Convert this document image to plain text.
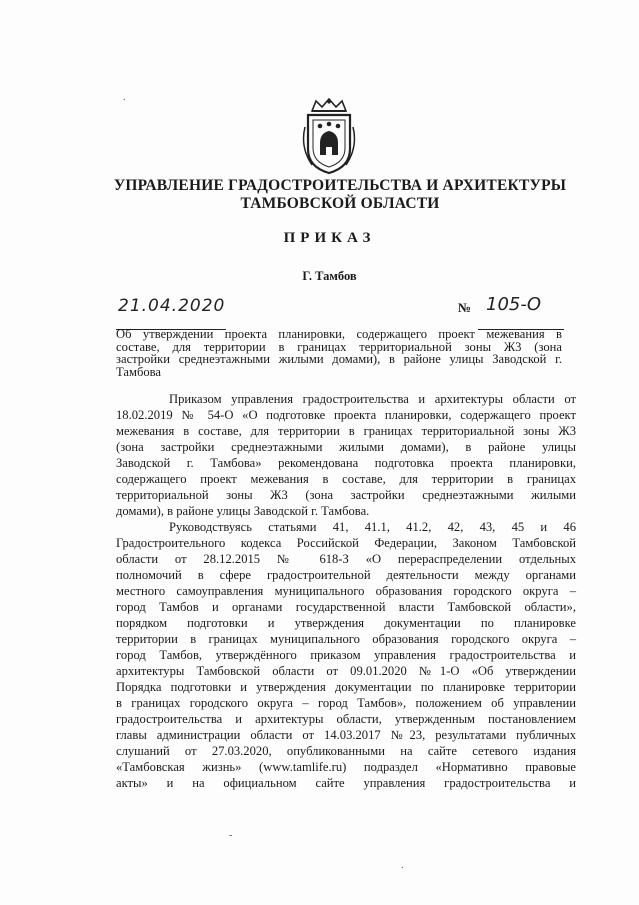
УПРАВЛЕНИЕ ГРАДОСТРОИТЕЛЬСТВА И АРХИТЕКТУРЫ
ТАМБОВСКОЙ ОБЛАСТИ
ПРИКАЗ
Г. Тамбов
21.04.2020	№ 105-О
Об утверждении проекта планировки, содержащего проект межевания в
составе, для территории в границах территориальной зоны Ж3 (зона
застройки среднеэтажными жилыми домами), в районе улицы Заводской г.
Тамбова
Приказом управления градостроительства и архитектуры области от
18.02.2019 № 54-О «О подготовке проекта планировки, содержащего проект
межевания в составе, для территории в границах территориальной зоны Ж3
(зона застройки среднеэтажными жилыми домами), в районе улицы
Заводской г. Тамбова» рекомендована подготовка проекта планировки,
содержащего проект межевания в составе, для территории в границах
территориальной зоны Ж3 (зона застройки среднеэтажными жилыми
домами), в районе улицы Заводской г. Тамбова.
Руководствуясь статьями 41, 41.1, 41.2, 42, 43, 45 и 46
Градостроительного кодекса Российской Федерации, Законом Тамбовской
области от 28.12.2015 № 618-З «О перераспределении отдельных
полномочий в сфере градостроительной деятельности между органами
местного самоуправления муниципального образования городского округа –
город Тамбов и органами государственной власти Тамбовской области»,
порядком подготовки и утверждения документации по планировке
территории в границах муниципального образования городского округа –
город Тамбов, утверждённого приказом управления градостроительства и
архитектуры Тамбовской области от 09.01.2020 №1-О «Об утверждении
Порядка подготовки и утверждения документации по планировке территории
в границах городского округа – город Тамбов», положением об управлении
градостроительства и архитектуры области, утвержденным постановлением
главы администрации области от 14.03.2017 №23, результатами публичных
слушаний от 27.03.2020, опубликованными на сайте сетевого издания
«Тамбовская жизнь» (www.tamlife.ru) подраздел «Нормативно правовые
акты» и на официальном сайте управления градостроительства и
.
-
.
